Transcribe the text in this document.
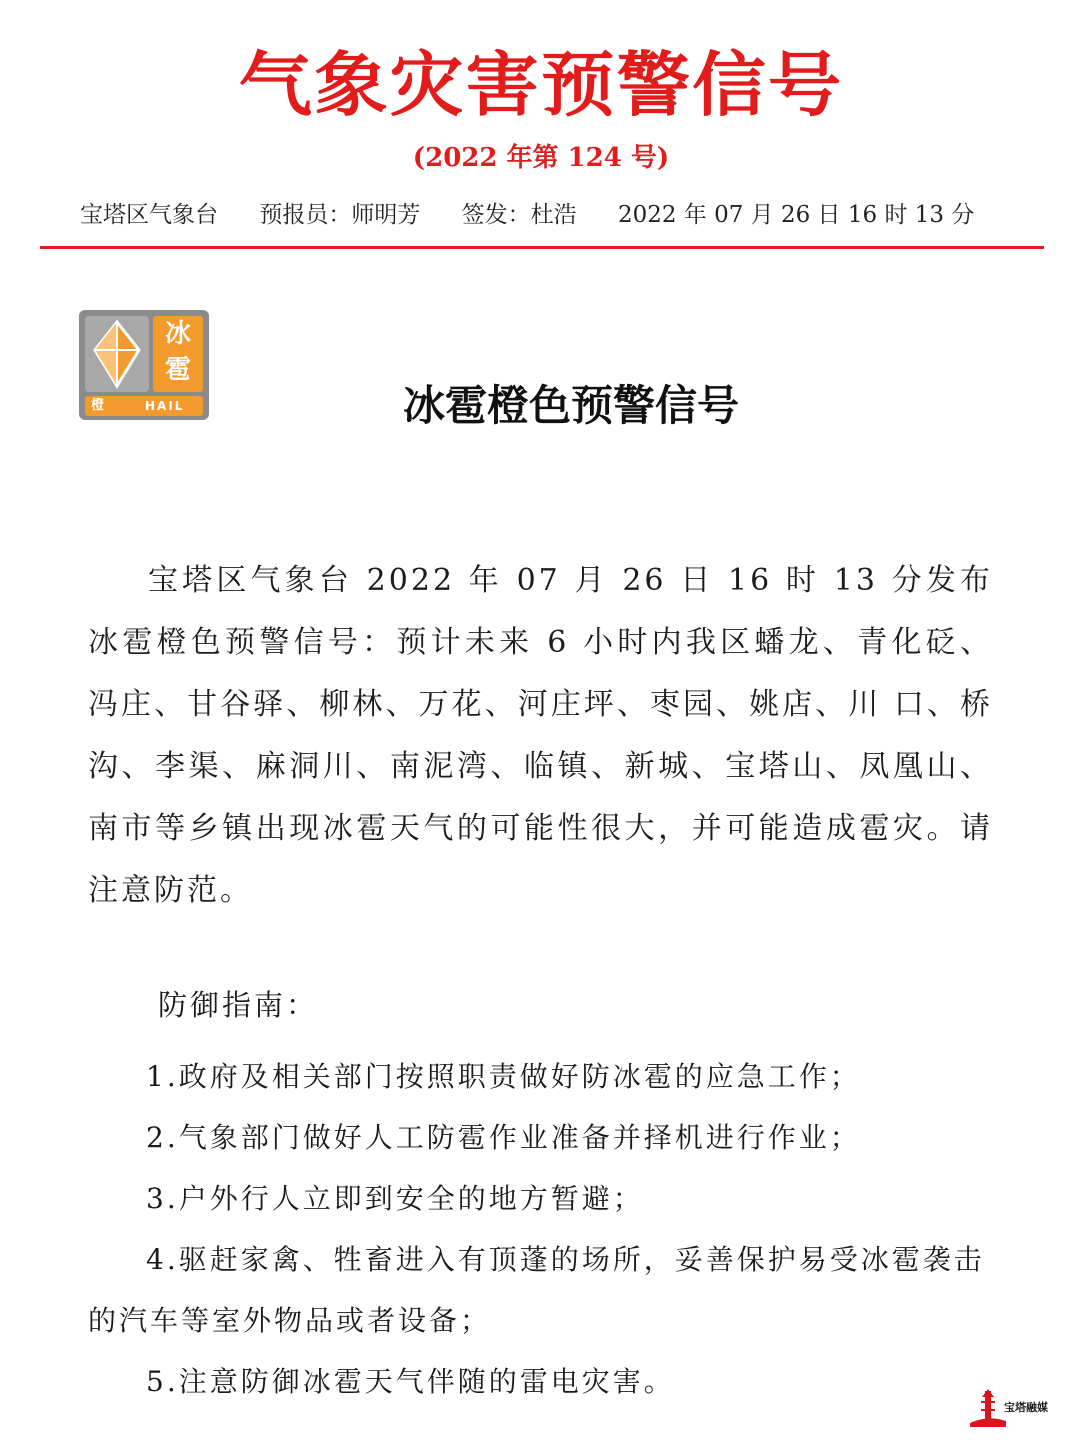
气象灾害预警信号
(2022 年第 124 号)
宝塔区气象台 预报员：师明芳 签发：杜浩 2022 年 07 月 26 日 16 时 13 分
冰
雹
橙	HAIL	冰雹橙色预警信号
宝塔区气象台 2022 年 07 月 26 日 16 时 13 分发布冰雹橙色预警信号：预计未来 6 小时内我区蟠龙、青化砭、冯庄、甘谷驿、柳林、万花、河庄坪、枣园、姚店、川 口、桥沟、李渠、麻洞川、南泥湾、临镇、新城、宝塔山、凤凰山、南市等乡镇出现冰雹天气的可能性很大，并可能造成雹灾。请注意防范。
防御指南：
1.政府及相关部门按照职责做好防冰雹的应急工作；
2.气象部门做好人工防雹作业准备并择机进行作业；
3.户外行人立即到安全的地方暂避；
4.驱赶家禽、牲畜进入有顶蓬的场所，妥善保护易受冰雹袭击的汽车等室外物品或者设备；
5.注意防御冰雹天气伴随的雷电灾害。
宝塔融媒
